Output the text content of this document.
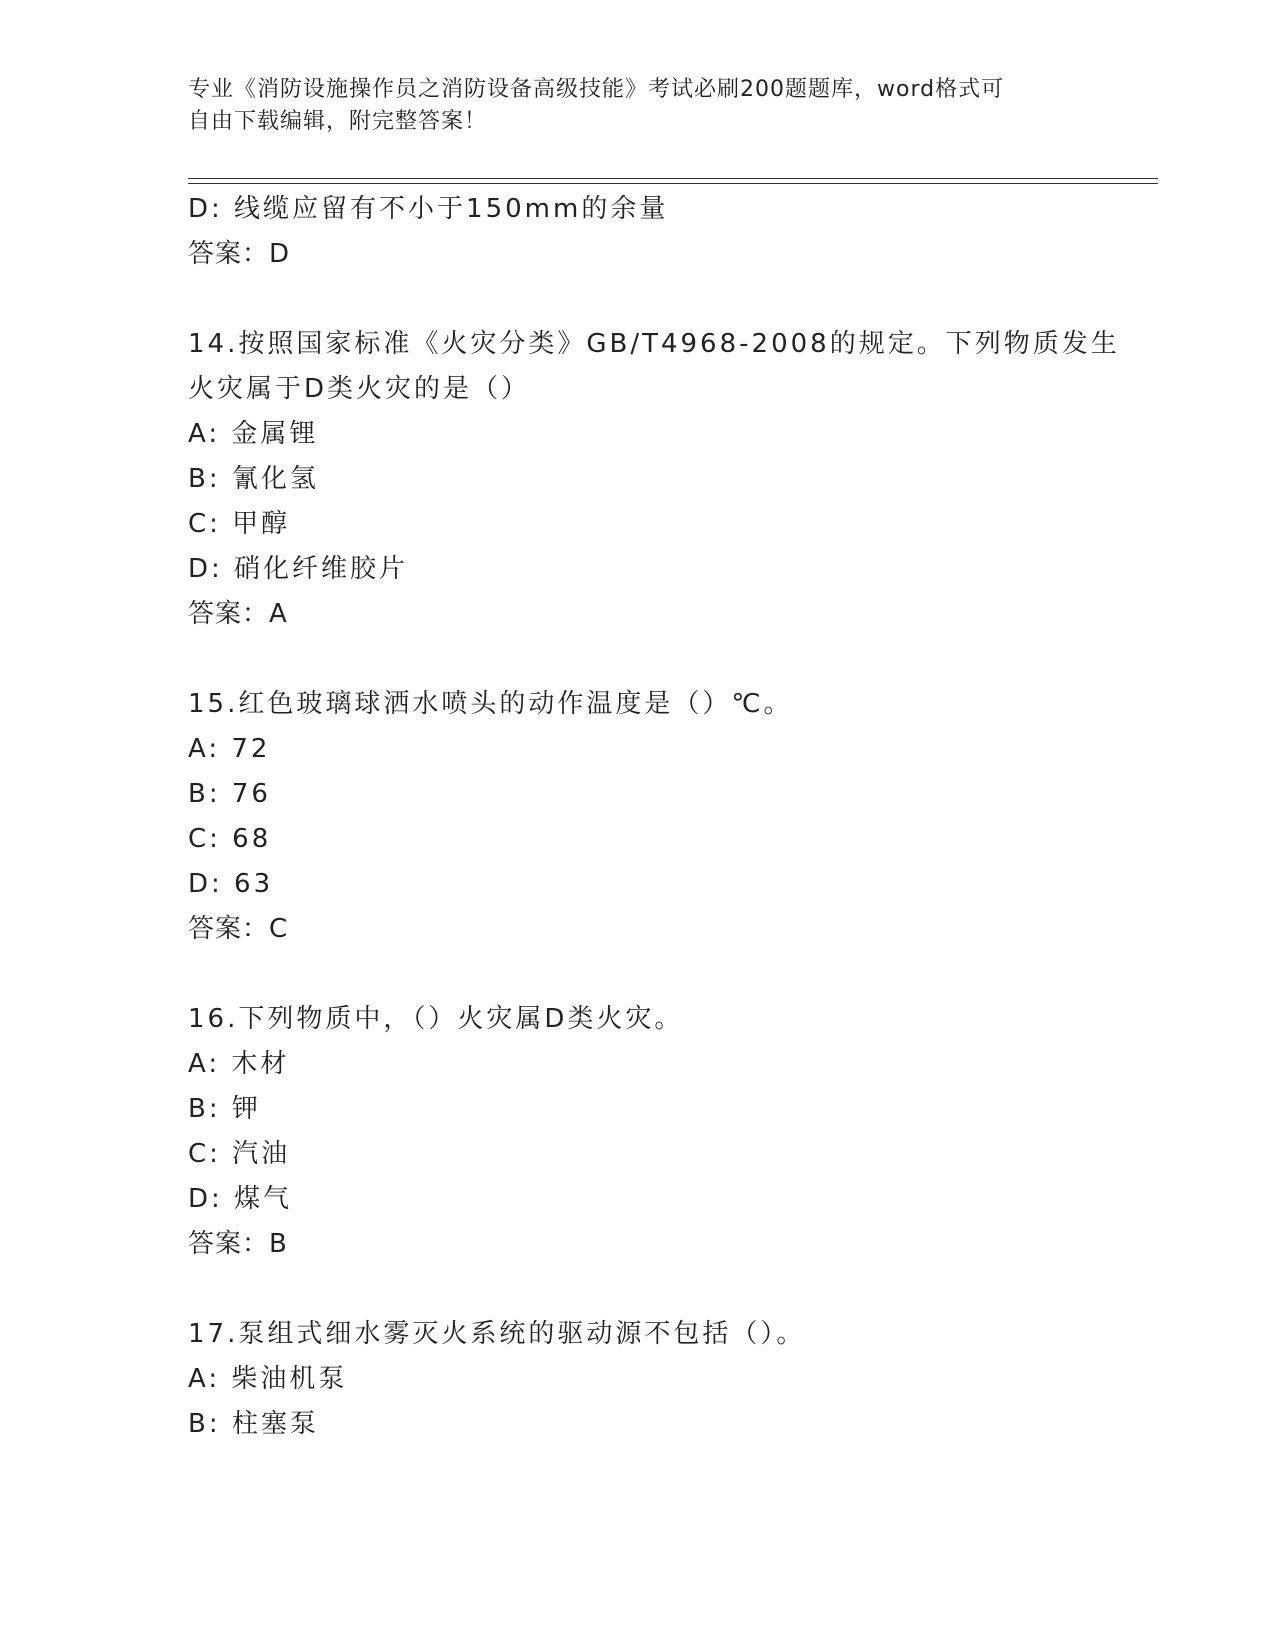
专业《消防设施操作员之消防设备高级技能》考试必刷200题题库，word格式可
自由下载编辑，附完整答案！
D: 线缆应留有不小于150mm的余量
答案：D
14.按照国家标准《火灾分类》GB/T4968-2008的规定。下列物质发生
火灾属于D类火灾的是（）
A: 金属锂
B: 氰化氢
C: 甲醇
D: 硝化纤维胶片
答案：A
15.红色玻璃球洒水喷头的动作温度是（）℃。
A: 72
B: 76
C: 68
D: 63
答案：C
16.下列物质中，（）火灾属D类火灾。
A: 木材
B: 钾
C: 汽油
D: 煤气
答案：B
17.泵组式细水雾灭火系统的驱动源不包括（）。
A: 柴油机泵
B: 柱塞泵
